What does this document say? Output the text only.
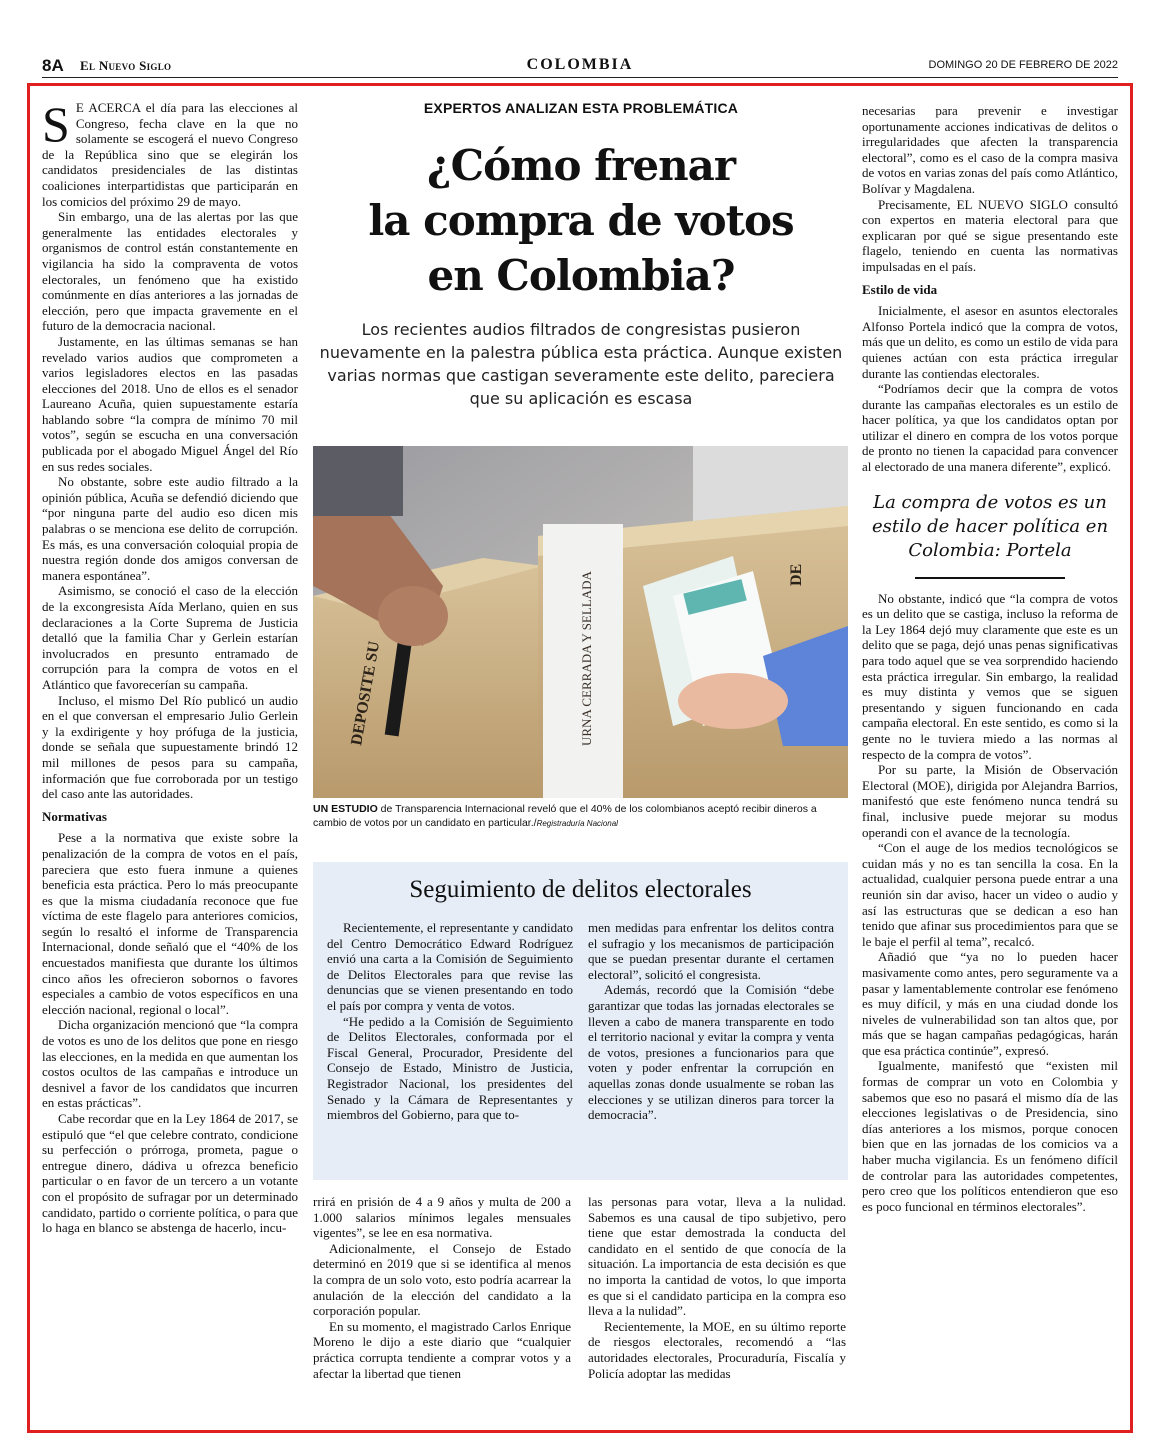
8A El Nuevo Siglo	COLOMBIA	DOMINGO 20 DE FEBRERO DE 2022

S E ACERCA el día para las elecciones al Congreso, fecha clave en la que no solamente se escogerá el nuevo Congreso de la República sino que se elegirán los candidatos presidenciales de las distintas coaliciones interpartidistas que participarán en los comicios del próximo 29 de mayo.

Sin embargo, una de las alertas por las que generalmente las entidades electorales y organismos de control están constantemente en vigilancia ha sido la compraventa de votos electorales, un fenómeno que ha existido comúnmente en días anteriores a las jornadas de elección, pero que impacta gravemente en el futuro de la democracia nacional.

Justamente, en las últimas semanas se han revelado varios audios que comprometen a varios legisladores electos en las pasadas elecciones del 2018. Uno de ellos es el senador Laureano Acuña, quien supuestamente estaría hablando sobre “la compra de mínimo 70 mil votos”, según se escucha en una conversación publicada por el abogado Miguel Ángel del Río en sus redes sociales.

No obstante, sobre este audio filtrado a la opinión pública, Acuña se defendió diciendo que “por ninguna parte del audio eso dicen mis palabras o se menciona ese delito de corrupción. Es más, es una conversación coloquial propia de nuestra región donde dos amigos conversan de manera espontánea”.

Asimismo, se conoció el caso de la elección de la excongresista Aída Merlano, quien en sus declaraciones a la Corte Suprema de Justicia detalló que la familia Char y Gerlein estarían involucrados en presunto entramado de corrupción para la compra de votos en el Atlántico que favorecerían su campaña.

Incluso, el mismo Del Río publicó un audio en el que conversan el empresario Julio Gerlein y la exdirigente y hoy prófuga de la justicia, donde se señala que supuestamente brindó 12 mil millones de pesos para su campaña, información que fue corroborada por un testigo del caso ante las autoridades.

Normativas

Pese a la normativa que existe sobre la penalización de la compra de votos en el país, pareciera que esto fuera inmune a quienes beneficia esta práctica. Pero lo más preocupante es que la misma ciudadanía reconoce que fue víctima de este flagelo para anteriores comicios, según lo resaltó el informe de Transparencia Internacional, donde señaló que el “40% de los encuestados manifiesta que durante los últimos cinco años les ofrecieron sobornos o favores especiales a cambio de votos específicos en una elección nacional, regional o local”.

Dicha organización mencionó que “la compra de votos es uno de los delitos que pone en riesgo las elecciones, en la medida en que aumentan los costos ocultos de las campañas e introduce un desnivel a favor de los candidatos que incurren en estas prácticas”.

Cabe recordar que en la Ley 1864 de 2017, se estipuló que “el que celebre contrato, condicione su perfección o prórroga, prometa, pague o entregue dinero, dádiva u ofrezca beneficio particular o en favor de un tercero a un votante con el propósito de sufragar por un determinado candidato, partido o corriente política, o para que lo haga en blanco se abstenga de hacerlo, incu-

EXPERTOS ANALIZAN ESTA PROBLEMÁTICA
¿Cómo frenar
la compra de votos
en Colombia?
Los recientes audios filtrados de congresistas pusieron nuevamente en la palestra pública esta práctica. Aunque existen varias normas que castigan severamente este delito, pareciera que su aplicación es escasa
DEPOSITE SU	URNA CERRADA Y SELLADA	DE
UN ESTUDIO de Transparencia Internacional reveló que el 40% de los colombianos aceptó recibir dineros a cambio de votos por un candidato en particular./Registraduría Nacional
Seguimiento de delitos electorales

Recientemente, el representante y candidato del Centro Democrático Edward Rodríguez envió una carta a la Comisión de Seguimiento de Delitos Electorales para que revise las denuncias que se vienen presentando en todo el país por compra y venta de votos.

“He pedido a la Comisión de Seguimiento de Delitos Electorales, conformada por el Fiscal General, Procurador, Presidente del Consejo de Estado, Ministro de Justicia, Registrador Nacional, los presidentes del Senado y la Cámara de Representantes y miembros del Gobierno, para que to-

men medidas para enfrentar los delitos contra el sufragio y los mecanismos de participación que se puedan presentar durante el certamen electoral”, solicitó el congresista.

Además, recordó que la Comisión “debe garantizar que todas las jornadas electorales se lleven a cabo de manera transparente en todo el territorio nacional y evitar la compra y venta de votos, presiones a funcionarios para que voten y poder enfrentar la corrupción en aquellas zonas donde usualmente se roban las elecciones y se utilizan dineros para torcer la democracia”.

rrirá en prisión de 4 a 9 años y multa de 200 a 1.000 salarios mínimos legales mensuales vigentes”, se lee en esa normativa.

Adicionalmente, el Consejo de Estado determinó en 2019 que si se identifica al menos la compra de un solo voto, esto podría acarrear la anulación de la elección del candidato a la corporación popular.

En su momento, el magistrado Carlos Enrique Moreno le dijo a este diario que “cualquier práctica corrupta tendiente a comprar votos y a afectar la libertad que tienen

las personas para votar, lleva a la nulidad. Sabemos es una causal de tipo subjetivo, pero tiene que estar demostrada la conducta del candidato en el sentido de que conocía de la situación. La importancia de esta decisión es que no importa la cantidad de votos, lo que importa es que si el candidato participa en la compra eso lleva a la nulidad”.

Recientemente, la MOE, en su último reporte de riesgos electorales, recomendó a “las autoridades electorales, Procuraduría, Fiscalía y Policía adoptar las medidas

necesarias para prevenir e investigar oportunamente acciones indicativas de delitos o irregularidades que afecten la transparencia electoral”, como es el caso de la compra masiva de votos en varias zonas del país como Atlántico, Bolívar y Magdalena.

Precisamente, EL NUEVO SIGLO consultó con expertos en materia electoral para que explicaran por qué se sigue presentando este flagelo, teniendo en cuenta las normativas impulsadas en el país.

Estilo de vida

Inicialmente, el asesor en asuntos electorales Alfonso Portela indicó que la compra de votos, más que un delito, es como un estilo de vida para quienes actúan con esta práctica irregular durante las contiendas electorales.

“Podríamos decir que la compra de votos durante las campañas electorales es un estilo de hacer política, ya que los candidatos optan por utilizar el dinero en compra de los votos porque de pronto no tienen la capacidad para convencer al electorado de una manera diferente”, explicó.

La compra de votos es un estilo de hacer política en Colombia: Portela

No obstante, indicó que “la compra de votos es un delito que se castiga, incluso la reforma de la Ley 1864 dejó muy claramente que este es un delito que se paga, dejó unas penas significativas para todo aquel que se vea sorprendido haciendo esta práctica irregular. Sin embargo, la realidad es muy distinta y vemos que se siguen presentando y siguen funcionando en cada campaña electoral. En este sentido, es como si la gente no le tuviera miedo a las normas al respecto de la compra de votos”.

Por su parte, la Misión de Observación Electoral (MOE), dirigida por Alejandra Barrios, manifestó que este fenómeno nunca tendrá su final, inclusive puede mejorar su modus operandi con el avance de la tecnología.

“Con el auge de los medios tecnológicos se cuidan más y no es tan sencilla la cosa. En la actualidad, cualquier persona puede entrar a una reunión sin dar aviso, hacer un video o audio y así las estructuras que se dedican a eso han tenido que afinar sus procedimientos para que se le baje el perfil al tema”, recalcó.

Añadió que “ya no lo pueden hacer masivamente como antes, pero seguramente va a pasar y lamentablemente controlar ese fenómeno es muy difícil, y más en una ciudad donde los niveles de vulnerabilidad son tan altos que, por más que se hagan campañas pedagógicas, harán que esa práctica continúe”, expresó.

Igualmente, manifestó que “existen mil formas de comprar un voto en Colombia y sabemos que eso no pasará el mismo día de las elecciones legislativas o de Presidencia, sino días anteriores a los mismos, porque conocen bien que en las jornadas de los comicios va a haber mucha vigilancia. Es un fenómeno difícil de controlar para las autoridades competentes, pero creo que los políticos entendieron que eso es poco funcional en términos electorales”.
